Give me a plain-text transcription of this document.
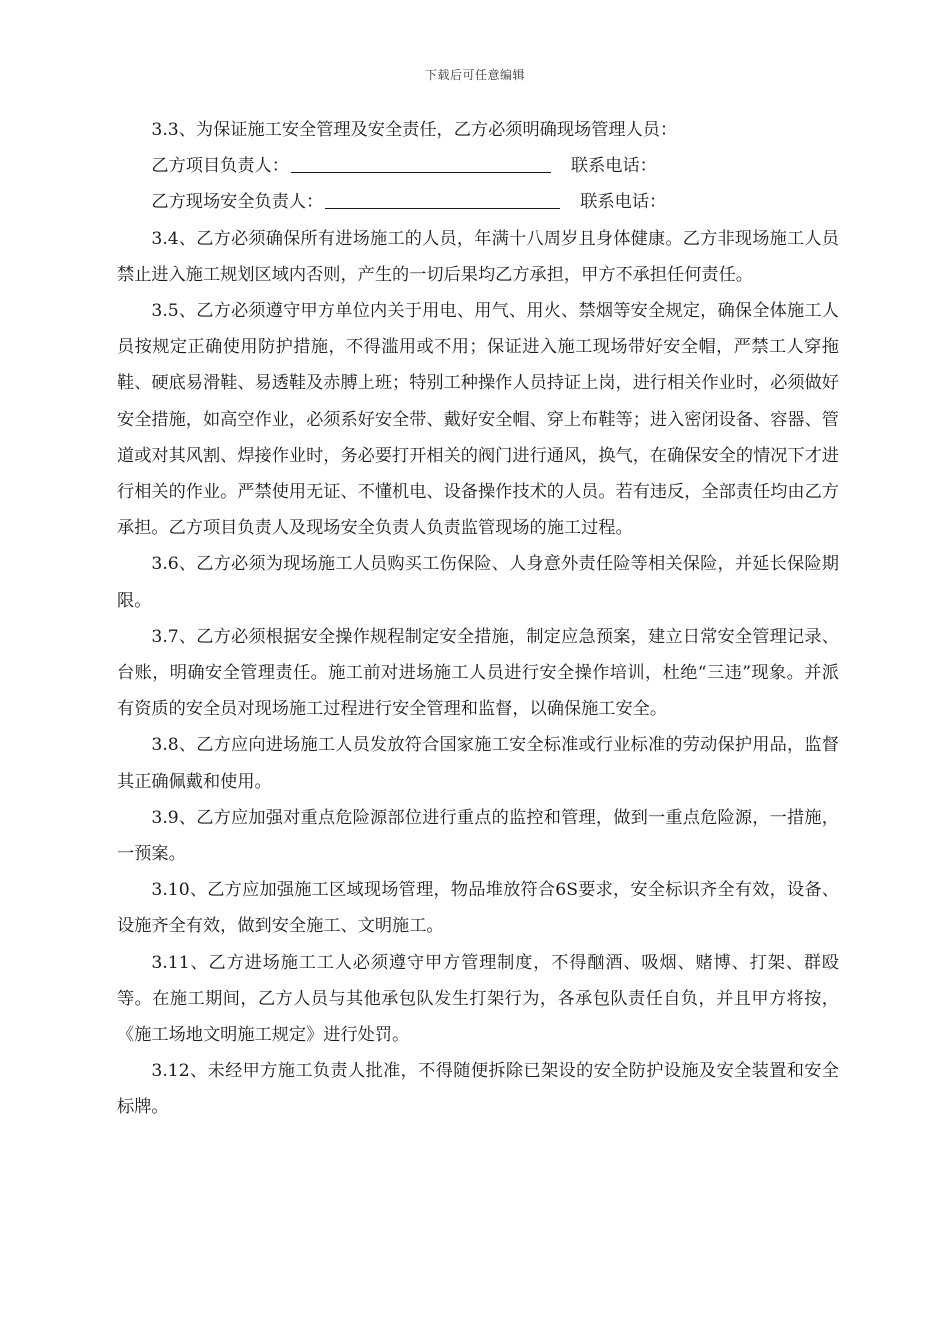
下载后可任意编辑

3.3、为保证施工安全管理及安全责任，乙方必须明确现场管理人员：

乙方项目负责人：	联系电话：

乙方现场安全负责人：	联系电话：

3.4、乙方必须确保所有进场施工的人员，年满十八周岁且身体健康。乙方非现场施工人员禁止进入施工规划区域内否则，产生的一切后果均乙方承担，甲方不承担任何责任。

3.5、乙方必须遵守甲方单位内关于用电、用气、用火、禁烟等安全规定，确保全体施工人员按规定正确使用防护措施，不得滥用或不用；保证进入施工现场带好安全帽，严禁工人穿拖鞋、硬底易滑鞋、易透鞋及赤膊上班；特别工种操作人员持证上岗，进行相关作业时，必须做好安全措施，如高空作业，必须系好安全带、戴好安全帽、穿上布鞋等；进入密闭设备、容器、管道或对其风割、焊接作业时，务必要打开相关的阀门进行通风，换气，在确保安全的情况下才进行相关的作业。严禁使用无证、不懂机电、设备操作技术的人员。若有违反，全部责任均由乙方承担。乙方项目负责人及现场安全负责人负责监管现场的施工过程。

3.6、乙方必须为现场施工人员购买工伤保险、人身意外责任险等相关保险，并延长保险期限。

3.7、乙方必须根据安全操作规程制定安全措施，制定应急预案，建立日常安全管理记录、台账，明确安全管理责任。施工前对进场施工人员进行安全操作培训，杜绝“三违”现象。并派有资质的安全员对现场施工过程进行安全管理和监督，以确保施工安全。

3.8、乙方应向进场施工人员发放符合国家施工安全标准或行业标准的劳动保护用品，监督其正确佩戴和使用。

3.9、乙方应加强对重点危险源部位进行重点的监控和管理，做到一重点危险源，一措施，一预案。

3.10、乙方应加强施工区域现场管理，物品堆放符合6S要求，安全标识齐全有效，设备、设施齐全有效，做到安全施工、文明施工。

3.11、乙方进场施工工人必须遵守甲方管理制度，不得酗酒、吸烟、赌博、打架、群殴等。在施工期间，乙方人员与其他承包队发生打架行为，各承包队责任自负，并且甲方将按，《施工场地文明施工规定》进行处罚。

3.12、未经甲方施工负责人批准，不得随便拆除已架设的安全防护设施及安全装置和安全标牌。
